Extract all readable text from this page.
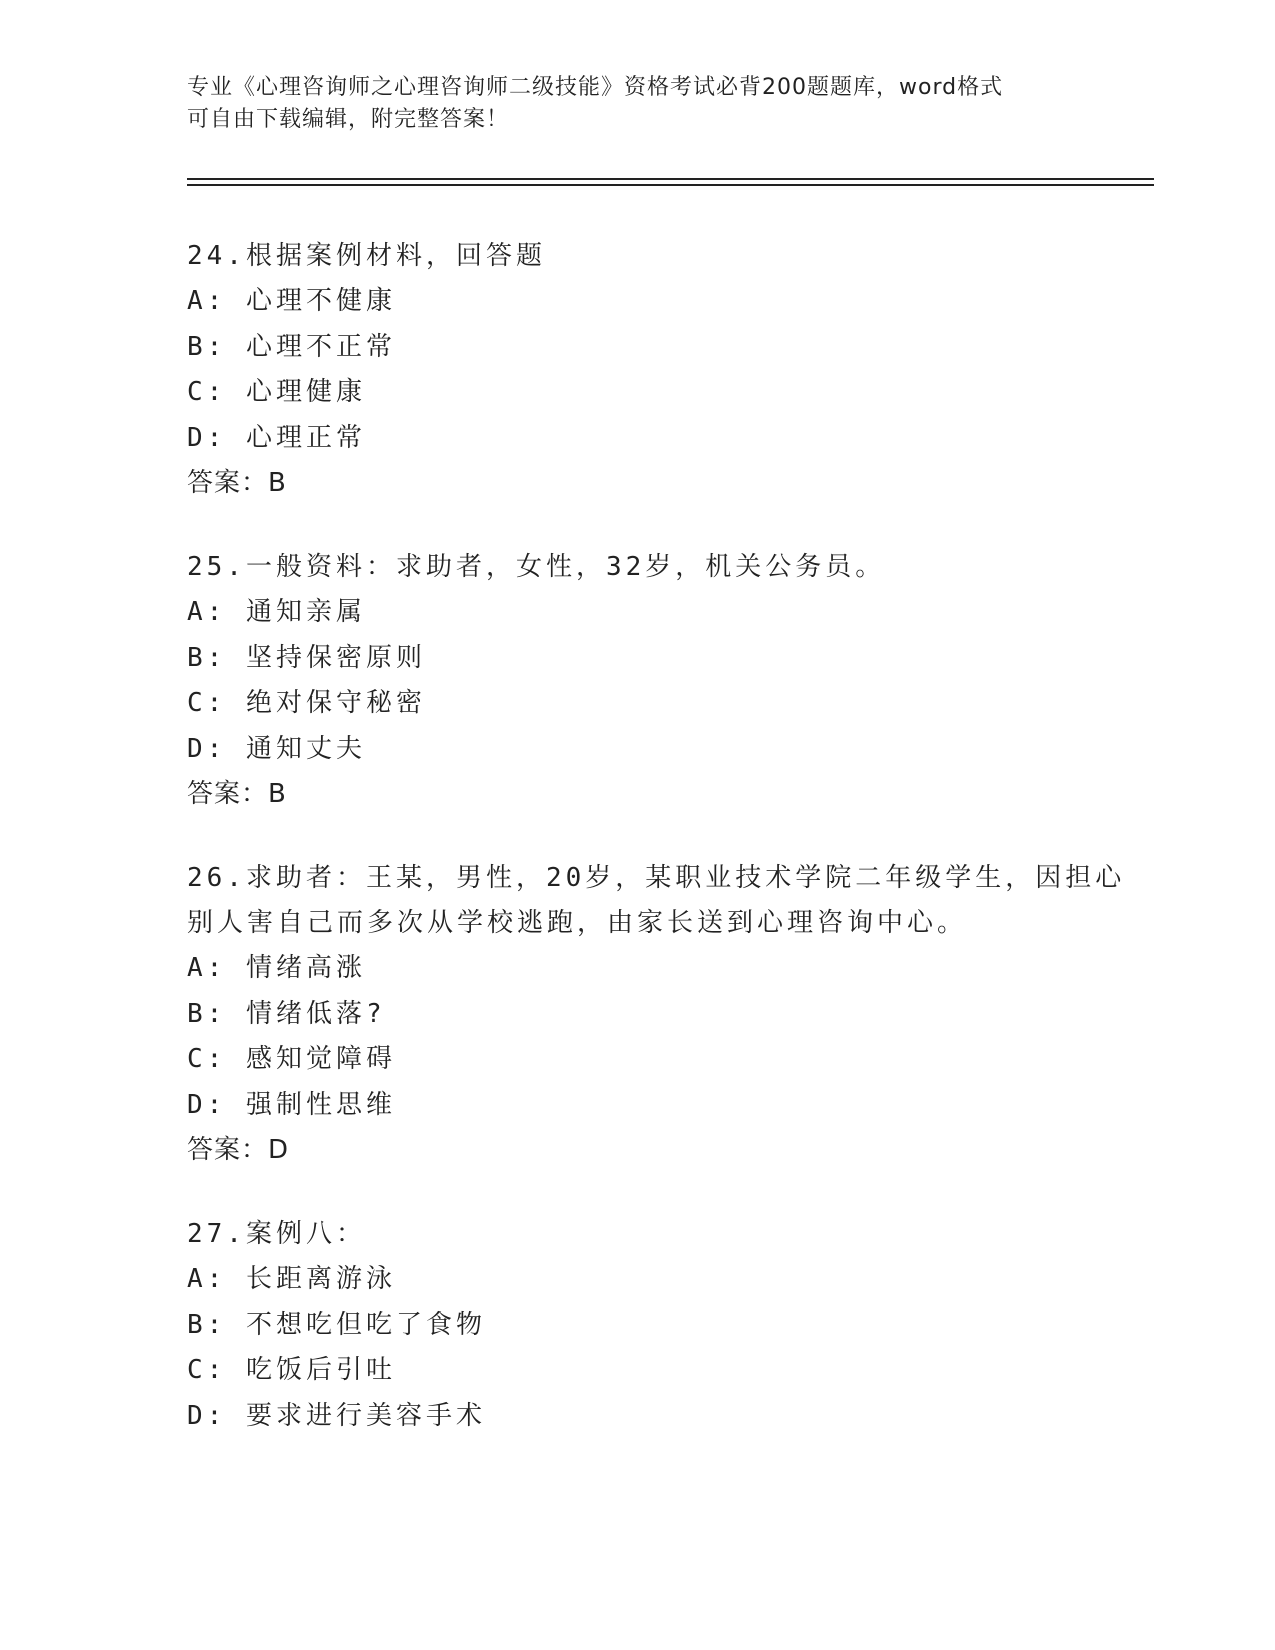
专业《心理咨询师之心理咨询师二级技能》资格考试必背200题题库，word格式
可自由下载编辑，附完整答案！
24.根据案例材料，回答题
A: 心理不健康
B: 心理不正常
C: 心理健康
D: 心理正常
答案：B
25.一般资料：求助者，女性，32岁，机关公务员。
A: 通知亲属
B: 坚持保密原则
C: 绝对保守秘密
D: 通知丈夫
答案：B
26.求助者：王某，男性，20岁，某职业技术学院二年级学生，因担心
别人害自己而多次从学校逃跑，由家长送到心理咨询中心。
A: 情绪高涨
B: 情绪低落?
C: 感知觉障碍
D: 强制性思维
答案：D
27.案例八：
A: 长距离游泳
B: 不想吃但吃了食物
C: 吃饭后引吐
D: 要求进行美容手术
